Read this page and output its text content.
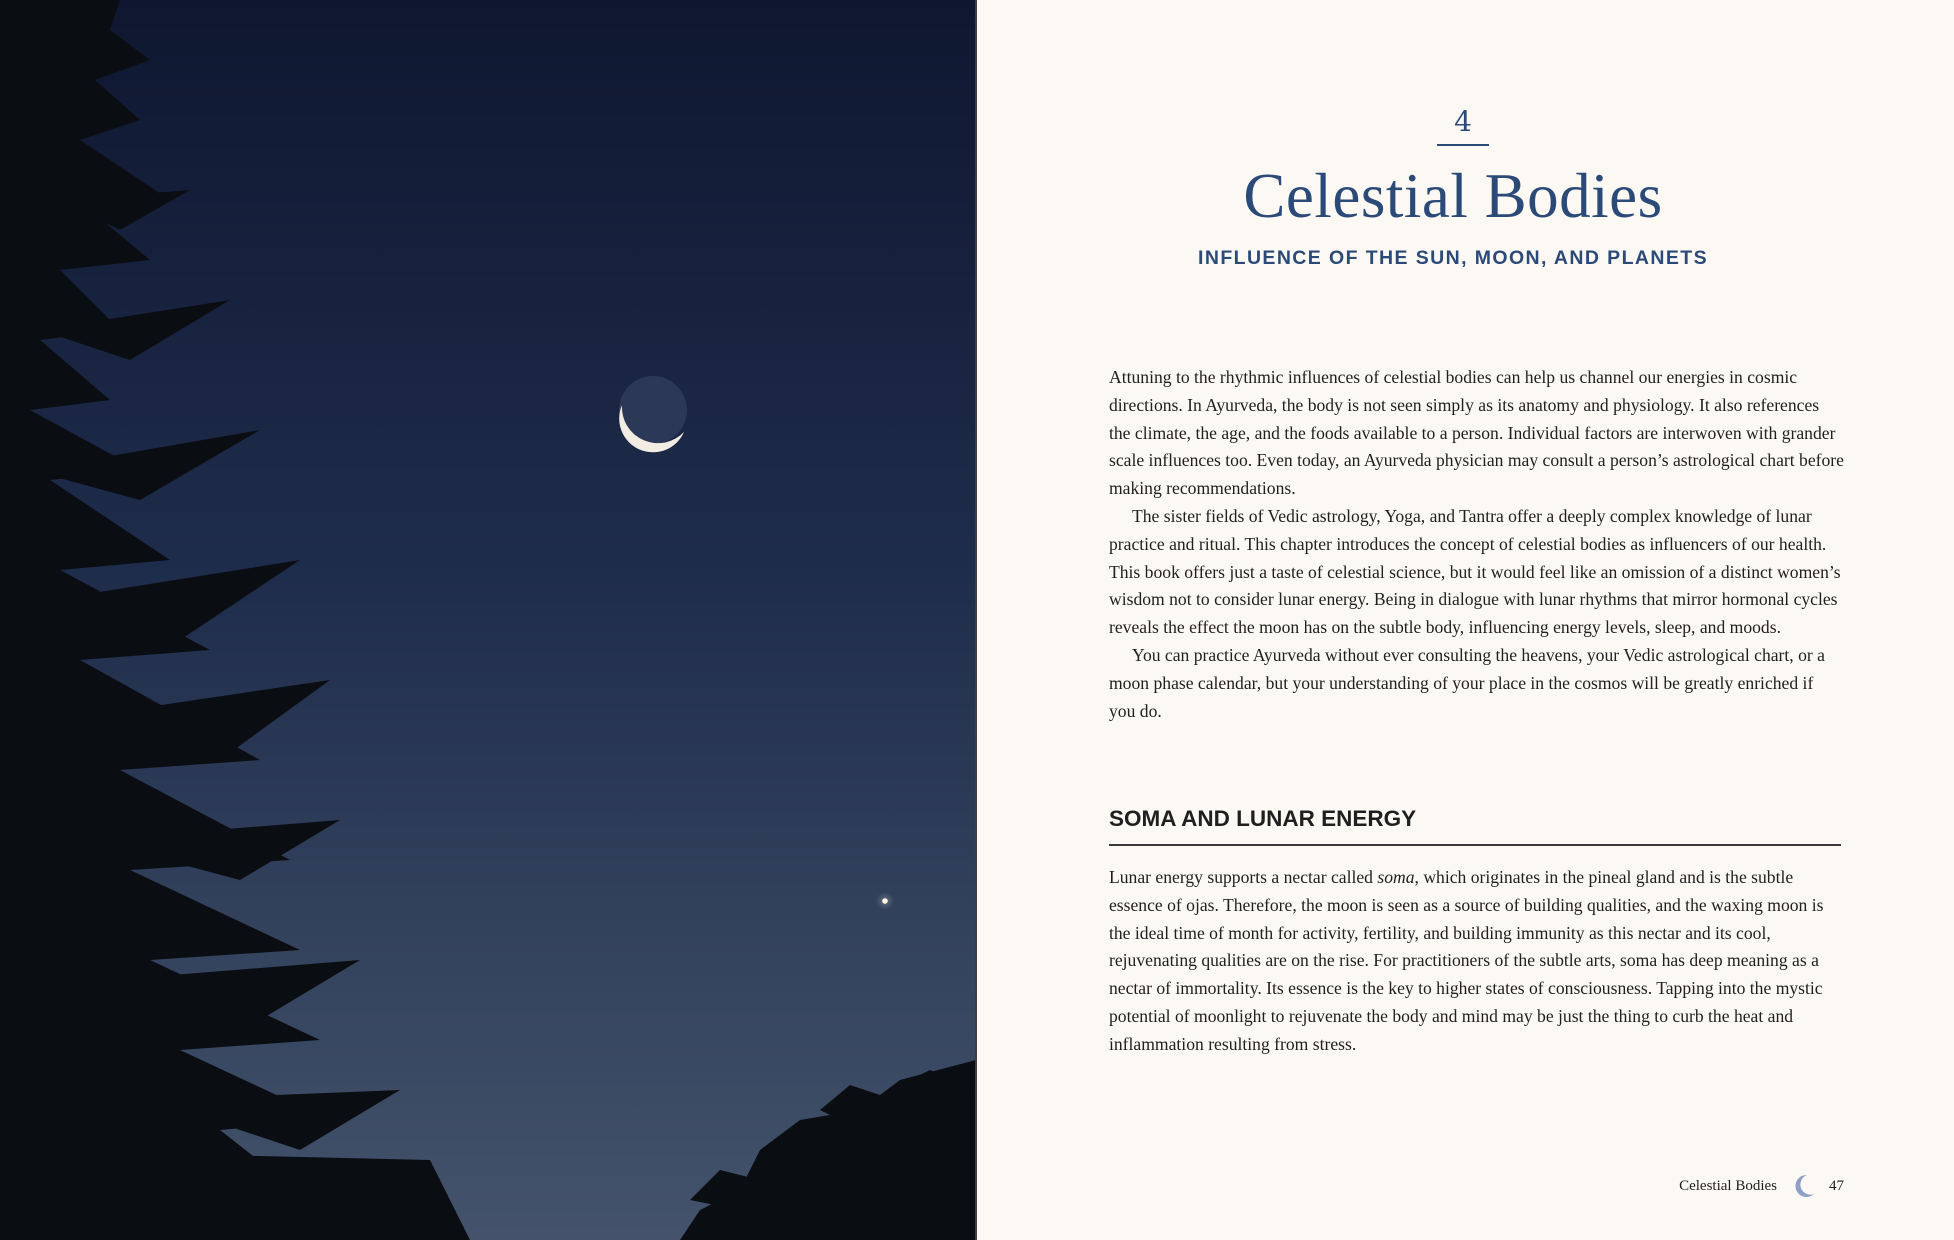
4
Celestial Bodies
INFLUENCE OF THE SUN, MOON, AND PLANETS

Attuning to the rhythmic influences of celestial bodies can help us channel our energies in cosmic directions. In Ayurveda, the body is not seen simply as its anatomy and physiology. It also references the climate, the age, and the foods available to a person. Individual factors are interwoven with grander scale influences too. Even today, an Ayurveda physician may consult a person’s astrological chart before making recommendations.

The sister fields of Vedic astrology, Yoga, and Tantra offer a deeply complex knowledge of lunar practice and ritual. This chapter introduces the concept of celestial bodies as influencers of our health. This book offers just a taste of celestial science, but it would feel like an omission of a distinct women’s wisdom not to consider lunar energy. Being in dialogue with lunar rhythms that mirror hormonal cycles reveals the effect the moon has on the subtle body, influencing energy levels, sleep, and moods.

You can practice Ayurveda without ever consulting the heavens, your Vedic astrological chart, or a moon phase calendar, but your understanding of your place in the cosmos will be greatly enriched if you do.

SOMA AND LUNAR ENERGY

Lunar energy supports a nectar called soma, which originates in the pineal gland and is the subtle essence of ojas. Therefore, the moon is seen as a source of building qualities, and the waxing moon is the ideal time of month for activity, fertility, and building immunity as this nectar and its cool, rejuvenating qualities are on the rise. For practitioners of the subtle arts, soma has deep meaning as a nectar of immortality. Its essence is the key to higher states of consciousness. Tapping into the mystic potential of moonlight to rejuvenate the body and mind may be just the thing to curb the heat and inflammation resulting from stress.

Celestial Bodies	47
